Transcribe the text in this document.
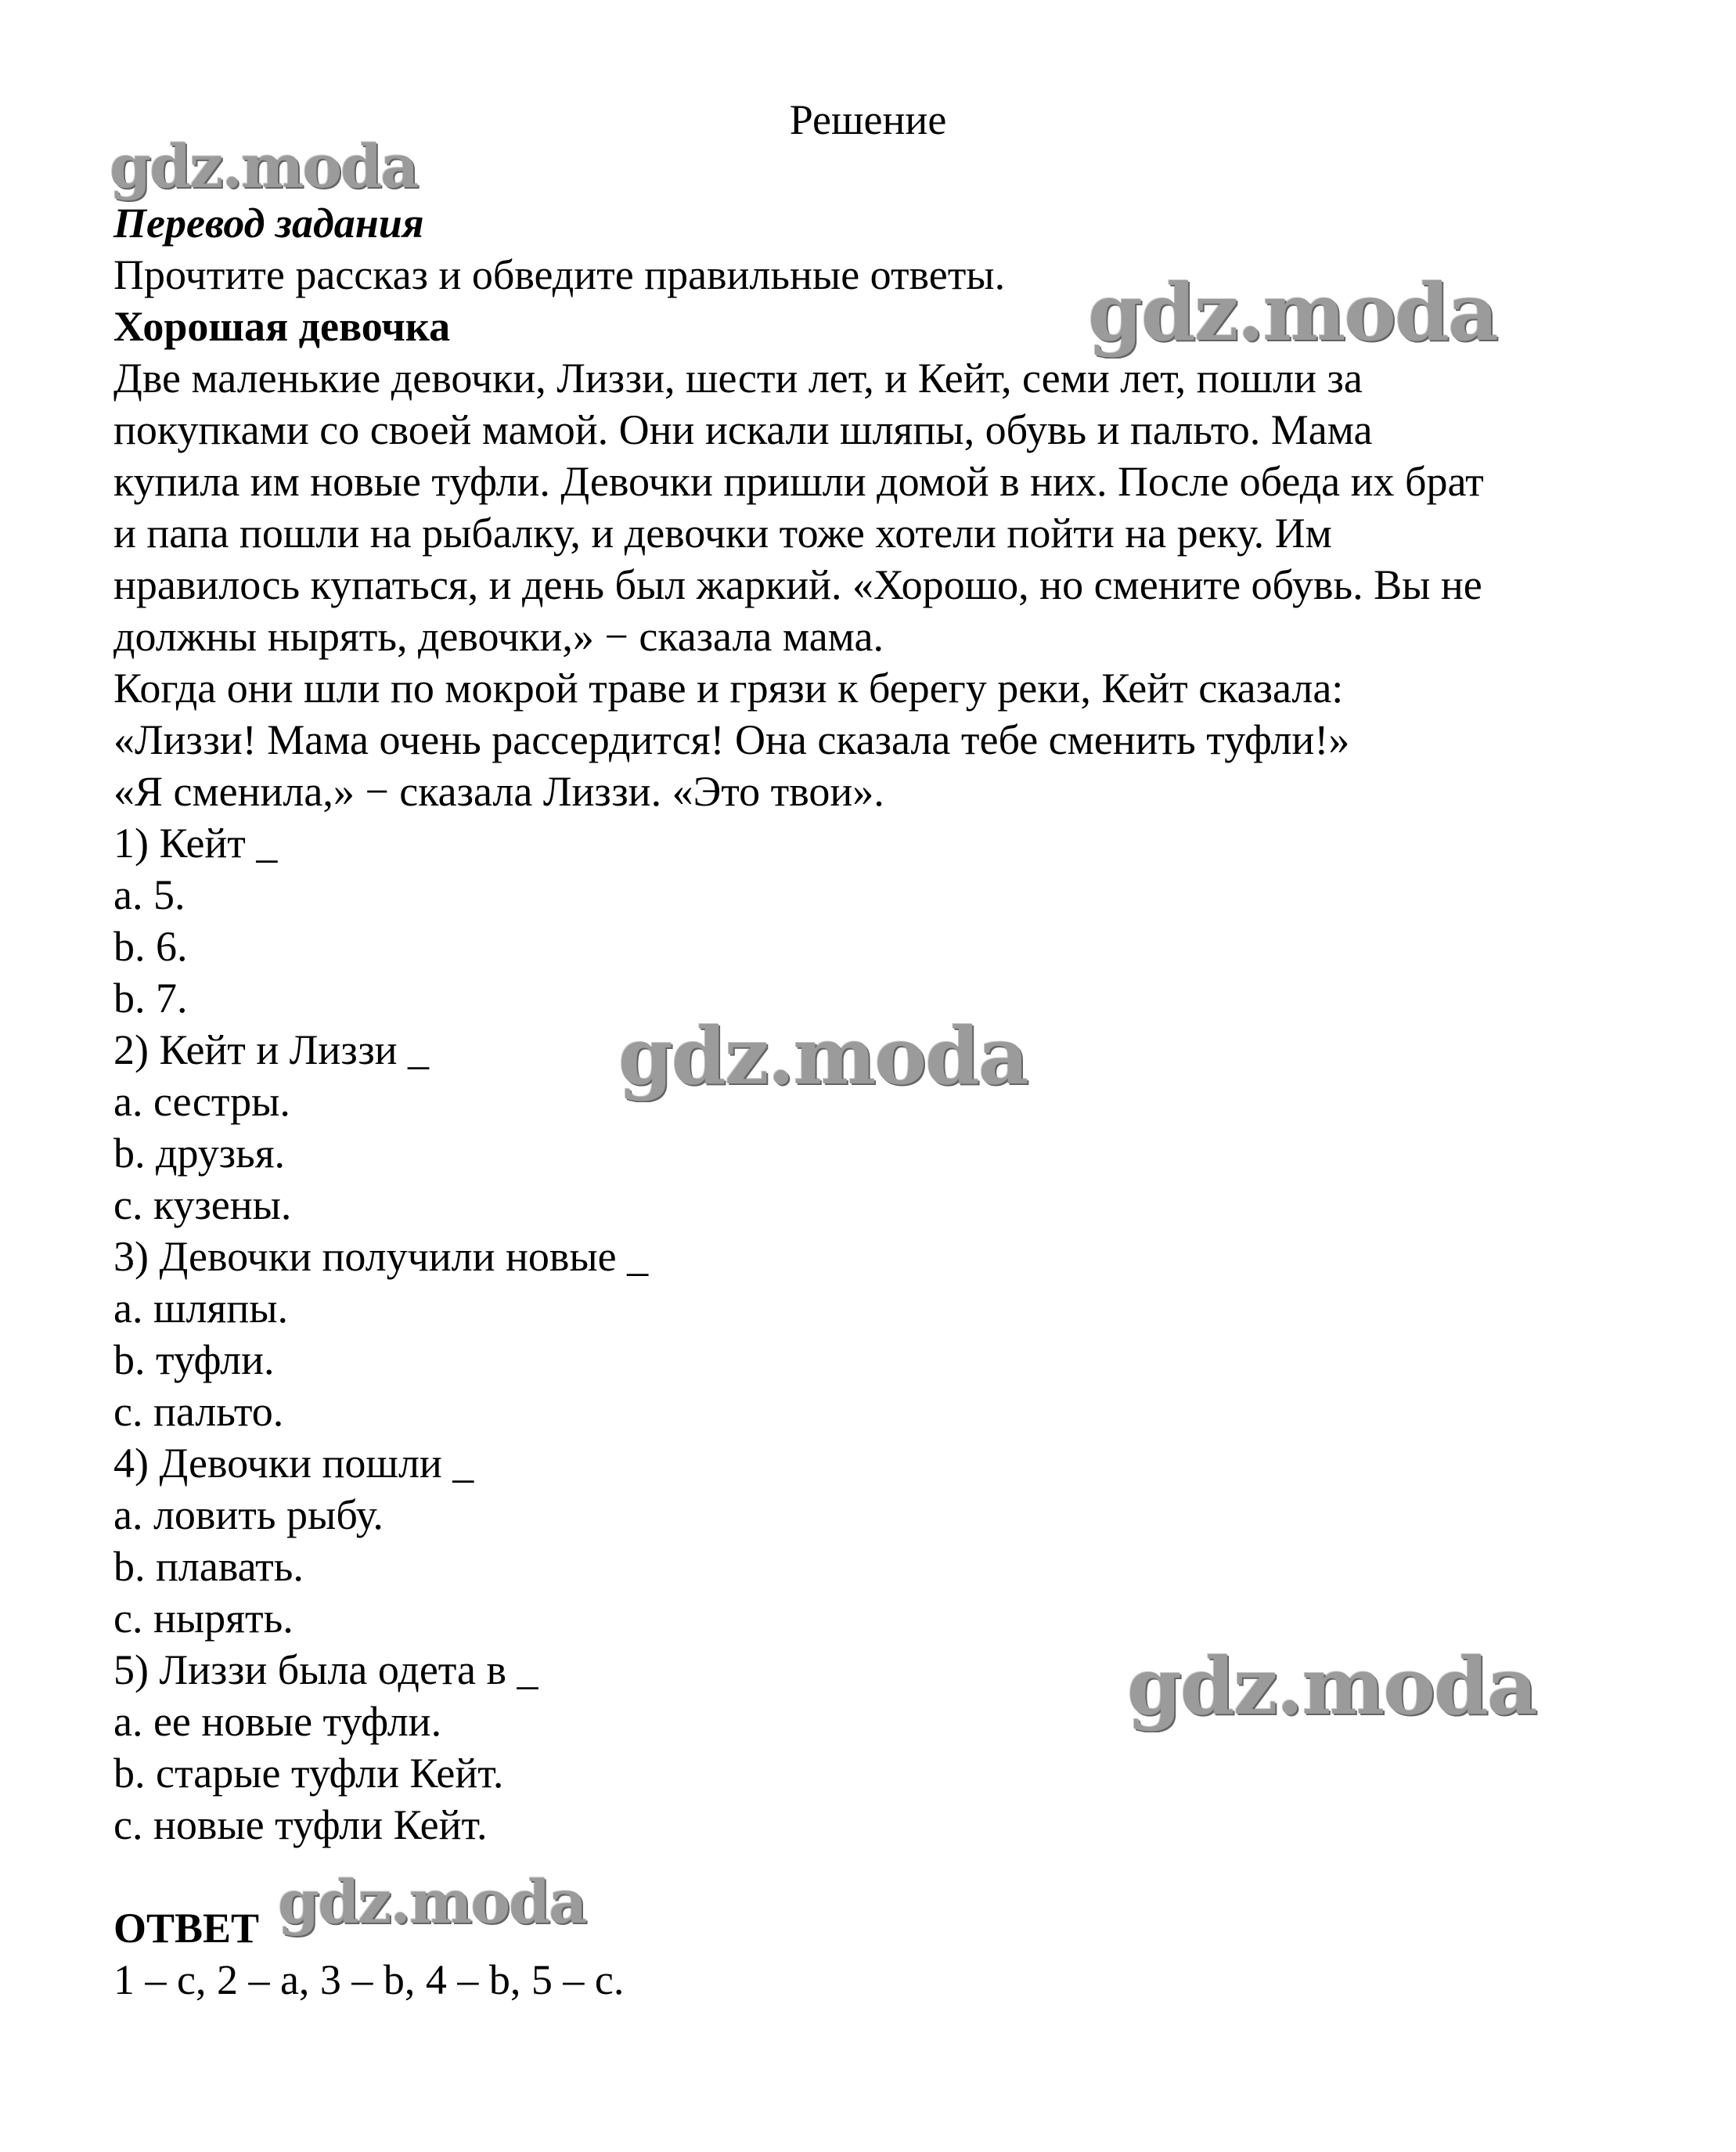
Решение

gdz.moda
gdz.moda
gdz.moda
gdz.moda
gdz.moda

Перевод задания

Прочтите рассказ и обведите правильные ответы.

Хорошая девочка

Две маленькие девочки, Лиззи, шести лет, и Кейт, семи лет, пошли за

покупками со своей мамой. Они искали шляпы, обувь и пальто. Мама

купила им новые туфли. Девочки пришли домой в них. После обеда их брат

и папа пошли на рыбалку, и девочки тоже хотели пойти на реку. Им

нравилось купаться, и день был жаркий. «Хорошо, но смените обувь. Вы не

должны нырять, девочки,» − сказала мама.

Когда они шли по мокрой траве и грязи к берегу реки, Кейт сказала:

«Лиззи! Мама очень рассердится! Она сказала тебе сменить туфли!»

«Я сменила,» − сказала Лиззи. «Это твои».

1) Кейт _

a. 5.

b. 6.

b. 7.

2) Кейт и Лиззи _

a. сестры.

b. друзья.

c. кузены.

3) Девочки получили новые _

a. шляпы.

b. туфли.

c. пальто.

4) Девочки пошли _

a. ловить рыбу.

b. плавать.

c. нырять.

5) Лиззи была одета в _

a. ее новые туфли.

b. старые туфли Кейт.

c. новые туфли Кейт.

ОТВЕТ

1 – c, 2 – a, 3 – b, 4 – b, 5 – c.
